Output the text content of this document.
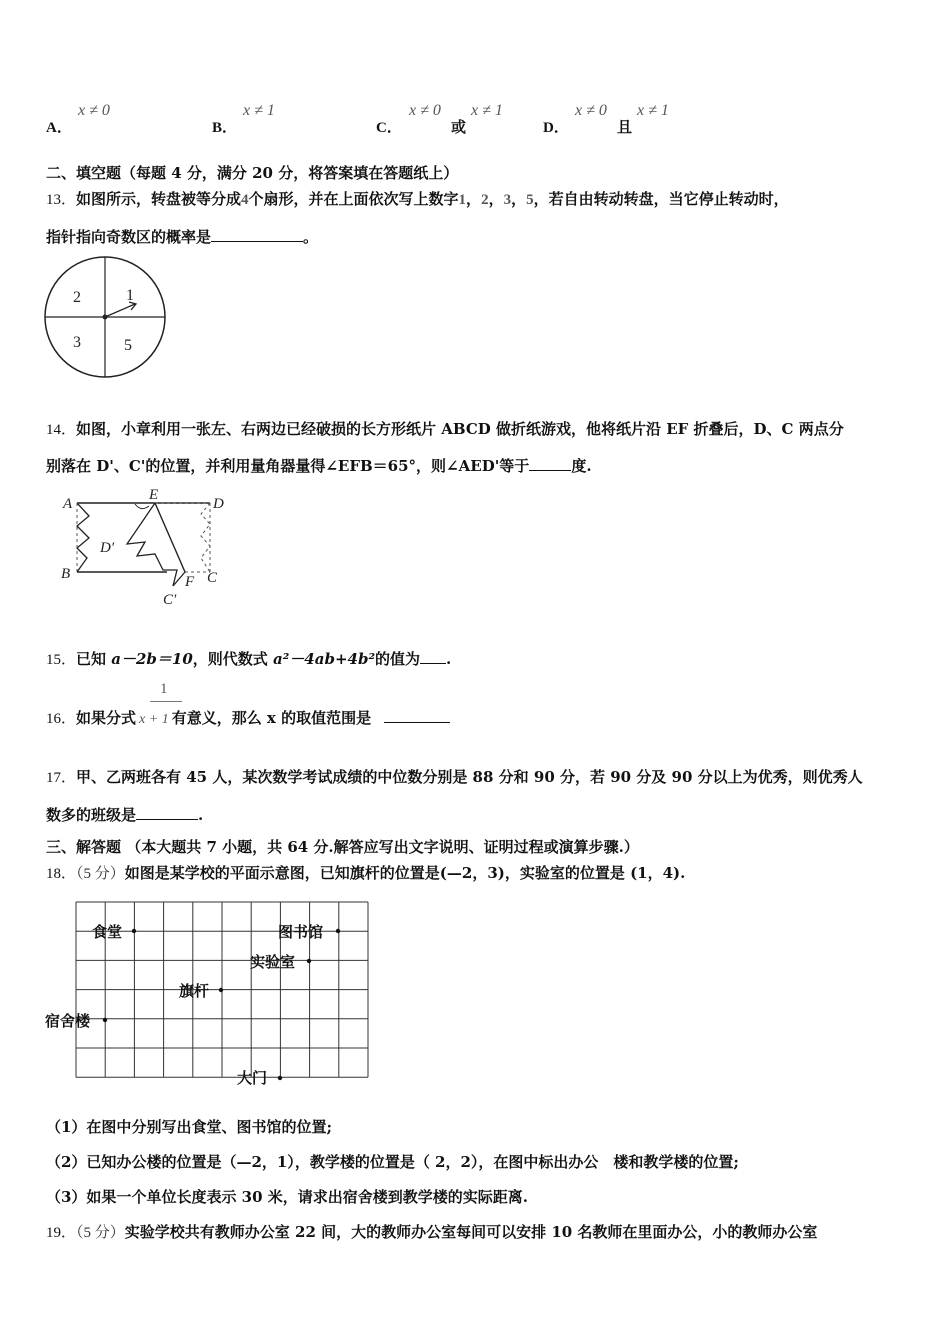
A．
x ≠ 0
B．
x ≠ 1
C．
x ≠ 0
或
x ≠ 1
D．
x ≠ 0
且
x ≠ 1
二、填空题（每题 4 分，满分 20 分，将答案填在答题纸上）
13．如图所示，转盘被等分成4个扇形，并在上面依次写上数字1，2，3，5，若自由转动转盘，当它停止转动时，
指针指向奇数区的概率是	。
2	1
3	5
14．如图，小章利用一张左、右两边已经破损的长方形纸片 ABCD 做折纸游戏，他将纸片沿 EF 折叠后，D、C 两点分
别落在 D'、C'的位置，并利用量角器量得∠EFB＝65°，则∠AED'等于	度.
A
E
D
D′
B	F C
C′
15．已知 a－2b＝10，则代数式 a²－4ab+4b²的值为 .
1
16．如果分式 x + 1 有意义，那么 x 的取值范围是
17．甲、乙两班各有 45 人，某次数学考试成绩的中位数分别是 88 分和 90 分，若 90 分及 90 分以上为优秀，则优秀人
数多的班级是	.
三、解答题 （本大题共 7 小题，共 64 分.解答应写出文字说明、证明过程或演算步骤.）
18．（5 分）如图是某学校的平面示意图，已知旗杆的位置是(—2，3)，实验室的位置是 (1，4).
食堂	图书馆
实验室
旗杆
宿舍楼
大门
（1）在图中分别写出食堂、图书馆的位置;
（2）已知办公楼的位置是（—2，1），教学楼的位置是（ 2，2），在图中标出办公　楼和教学楼的位置;
（3）如果一个单位长度表示 30 米，请求出宿舍楼到教学楼的实际距离.
19．（5 分）实验学校共有教师办公室 22 间，大的教师办公室每间可以安排 10 名教师在里面办公，小的教师办公室
